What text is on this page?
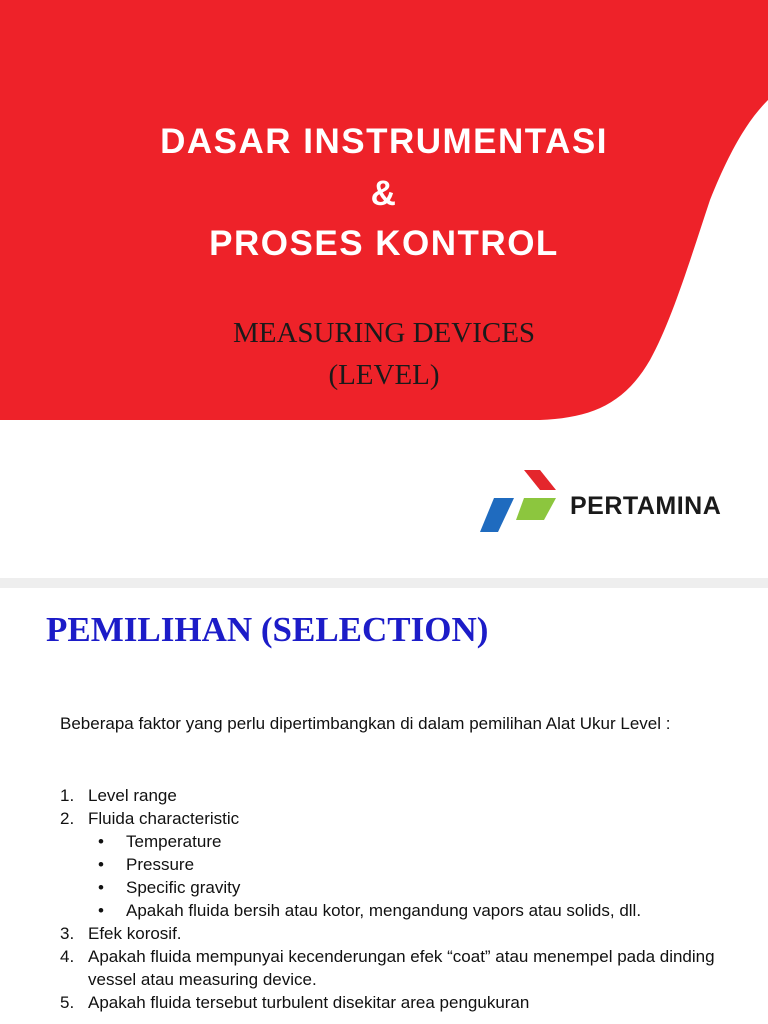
DASAR INSTRUMENTASI
&
PROSES KONTROL
MEASURING DEVICES
(LEVEL)
PERTAMINA
PEMILIHAN (SELECTION)
Beberapa faktor yang perlu dipertimbangkan di dalam pemilihan Alat Ukur Level :
1. Level range
2. Fluida characteristic
• Temperature
• Pressure
• Specific gravity
• Apakah fluida bersih atau kotor, mengandung vapors atau solids, dll.
3. Efek korosif.
4. Apakah fluida mempunyai kecenderungan efek “coat” atau menempel pada dinding vessel atau measuring device.
5. Apakah fluida tersebut turbulent disekitar area pengukuran
